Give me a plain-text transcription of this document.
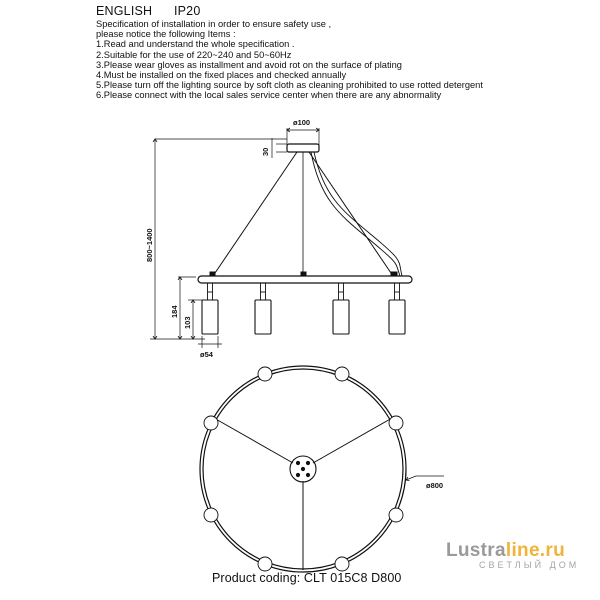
ENGLISH IP20
Specification of installation in order to ensure safety use ,
please notice the following Items :
1.Read and understand the whole specification .
2.Suitable for the use of 220~240 and 50~60Hz
3.Please wear gloves as installment and avoid rot on the surface of plating
4.Must be installed on the fixed places and checked annually
5.Please turn off the lighting source by soft cloth as cleaning prohibited to use rotted detergent
6.Please connect with the local sales service center when there are any abnormality
ø100
30
800~1400
184
103
ø54
ø800
Product coding: CLT 015C8 D800
Lustraline.ru
СВЕТЛЫЙ ДОМ
